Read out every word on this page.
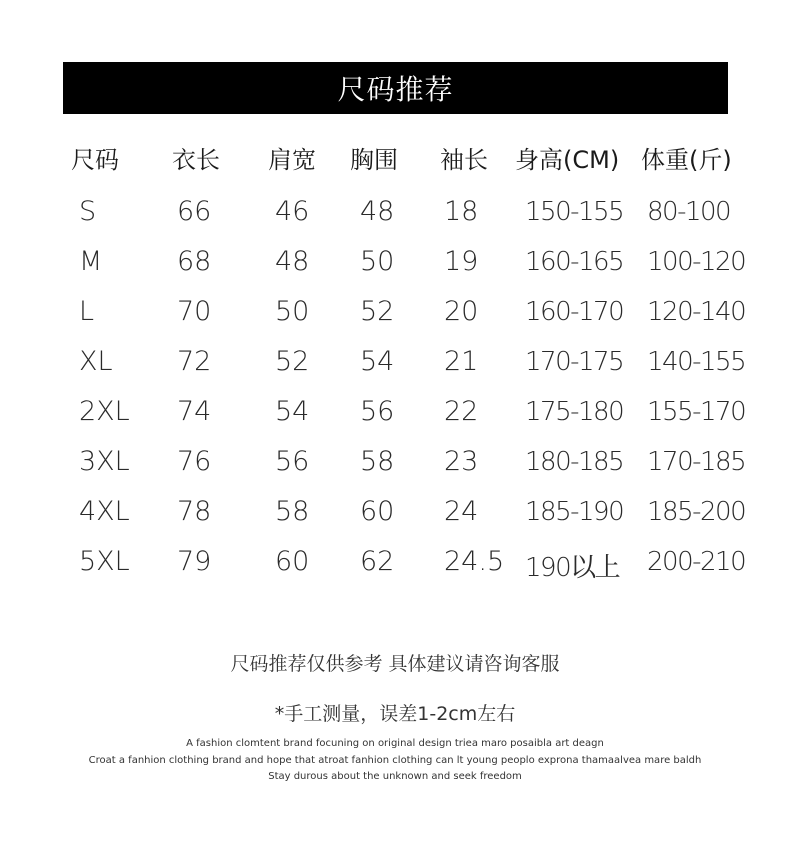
尺码推荐
尺码 衣长 肩宽 胸围 袖长 身高(CM) 体重(斤)
S	66 46 48 18 150-155 80-100
M	68 48 50 19 160-165 100-120
L	70 50 52 20 160-170 120-140
XL 72 52 54 21 170-175 140-155
2XL 74 54 56 22 175-180 155-170
3XL 76 56 58 23 180-185 170-185
4XL 78 58 60 24 185-190 185-200
5XL 79 60 62 24.5 190以上 200-210
尺码推荐仅供参考 具体建议请咨询客服
*手工测量，误差1-2cm左右
A fashion clomtent brand focuning on original design triea maro posaibla art deagn
Croat a fanhion clothing brand and hope that atroat fanhion clothing can lt young peoplo exprona thamaalvea mare baldh
Stay durous about the unknown and seek freedom
